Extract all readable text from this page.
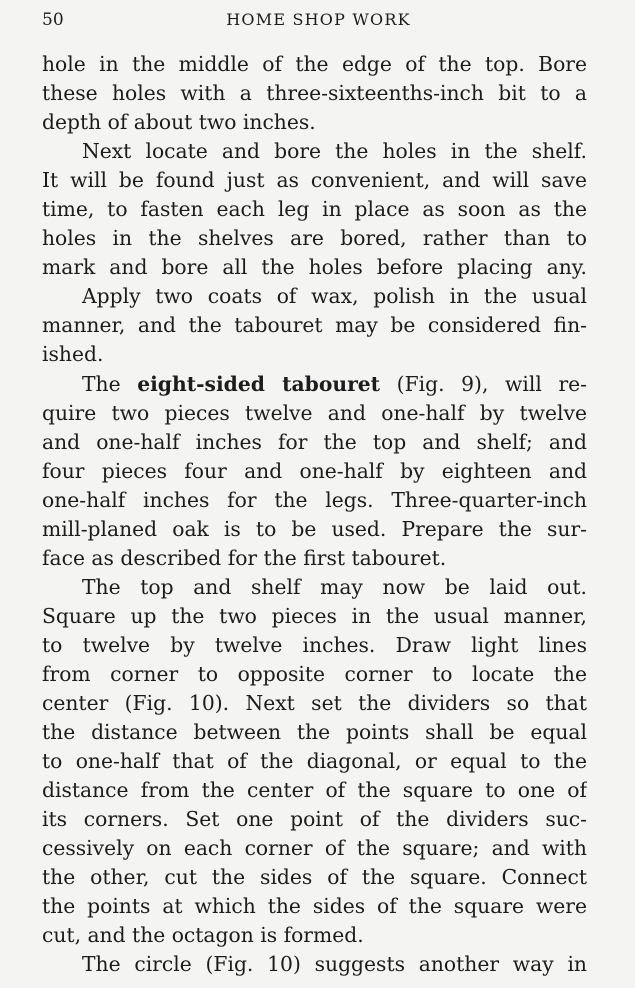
50	HOME SHOP WORK

hole in the middle of the edge of the top. Bore

these holes with a three-sixteenths-inch bit to a

depth of about two inches.

Next locate and bore the holes in the shelf.

It will be found just as convenient, and will save

time, to fasten each leg in place as soon as the

holes in the shelves are bored, rather than to

mark and bore all the holes before placing any.

Apply two coats of wax, polish in the usual

manner, and the tabouret may be considered fin-

ished.

The eight-sided tabouret (Fig. 9), will re-

quire two pieces twelve and one-half by twelve

and one-half inches for the top and shelf; and

four pieces four and one-half by eighteen and

one-half inches for the legs. Three-quarter-inch

mill-planed oak is to be used. Prepare the sur-

face as described for the first tabouret.

The top and shelf may now be laid out.

Square up the two pieces in the usual manner,

to twelve by twelve inches. Draw light lines

from corner to opposite corner to locate the

center (Fig. 10). Next set the dividers so that

the distance between the points shall be equal

to one-half that of the diagonal, or equal to the

distance from the center of the square to one of

its corners. Set one point of the dividers suc-

cessively on each corner of the square; and with

the other, cut the sides of the square. Connect

the points at which the sides of the square were

cut, and the octagon is formed.

The circle (Fig. 10) suggests another way in
